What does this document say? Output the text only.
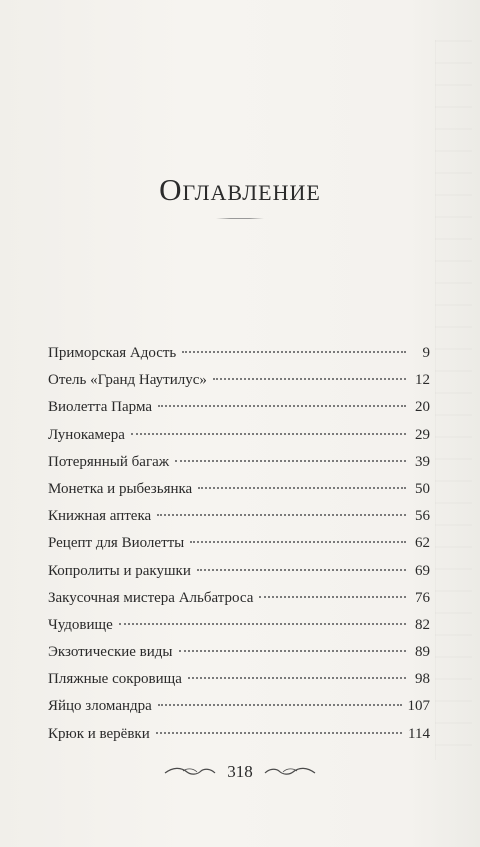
Оглавление
Приморская Адость	9
Отель «Гранд Наутилус»	12
Виолетта Парма	20
Лунокамера	29
Потерянный багаж	39
Монетка и рыбезьянка	50
Книжная аптека	56
Рецепт для Виолетты	62
Копролиты и ракушки	69
Закусочная мистера Альбатроса	76
Чудовище	82
Экзотические виды	89
Пляжные сокровища	98
Яйцо зломандра	107
Крюк и верёвки	114
318
